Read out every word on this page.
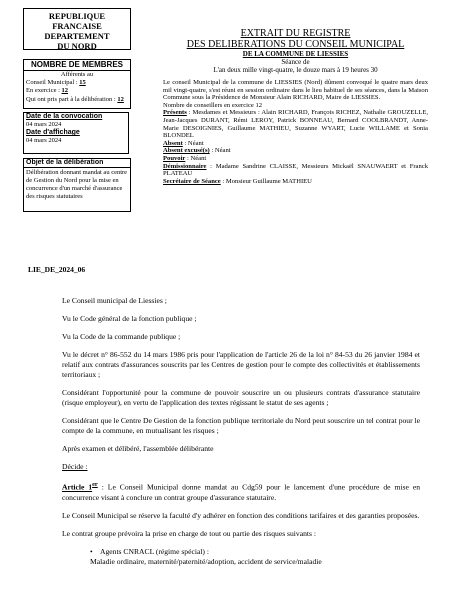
REPUBLIQUE FRANCAISE
DEPARTEMENT
DU NORD
NOMBRE DE MEMBRES
Afférents au
Conseil Municipal : 15
En exercice : 12
Qui ont pris part à la délibération : 12
Date de la convocation
04 mars 2024
Date d'affichage
04 mars 2024
Objet de la délibération
Délibération donnant mandat au centre de Gestion du Nord pour la mise en concurrence d'un marché d'assurance des risques statutaires
EXTRAIT DU REGISTRE
DES DELIBERATIONS DU CONSEIL MUNICIPAL
DE LA COMMUNE DE LIESSIES
Séance de
L'an deux mille vingt-quatre, le douze mars à 19 heures 30

Le conseil Municipal de la commune de LIESSIES (Nord) dûment convoqué le quatre mars deux mil vingt-quatre, s'est réuni en session ordinaire dans le lieu habituel de ses séances, dans la Maison Commune sous la Présidence de Monsieur Alain RICHARD, Maire de LIESSIES.

Nombre de conseillers en exercice 12

Présents : Mesdames et Messieurs : Alain RICHARD, François RICHEZ, Nathalie GROUZELLE, Jean-Jacques DURANT, Rémi LEROY, Patrick BONNEAU, Bernard COOLBRANDT, Anne-Marie DESOIGNIES, Guillaume MATHIEU, Suzanne WYART, Lucie WILLAME et Sonia BLONDEL

Absent : Néant

Absent excusé(s) : Néant

Pouvoir : Néant

Démissionnaire : Madame Sandrine CLAISSE, Messieurs Mickaël SNAUWAERT et Franck PLATEAU

Secrétaire de Séance : Monsieur Guillaume MATHIEU

LIE_DE_2024_06

Le Conseil municipal de Liessies ;

Vu le Code général de la fonction publique ;

Vu la Code de la commande publique ;

Vu le décret n° 86-552 du 14 mars 1986 pris pour l'application de l'article 26 de la loi n° 84-53 du 26 janvier 1984 et relatif aux contrats d'assurances souscrits par les Centres de gestion pour le compte des collectivités et établissements territoriaux ;

Considérant l'opportunité pour la commune de pouvoir souscrire un ou plusieurs contrats d'assurance statutaire (risque employeur), en vertu de l'application des textes régissant le statut de ses agents ;

Considérant que le Centre De Gestion de la fonction publique territoriale du Nord peut souscrire un tel contrat pour le compte de la commune, en mutualisant les risques ;

Après examen et délibéré, l'assemblée délibérante

Décide :

Article 1er : Le Conseil Municipal donne mandat au Cdg59 pour le lancement d'une procédure de mise en concurrence visant à conclure un contrat groupe d'assurance statutaire.

Le Conseil Municipal se réserve la faculté d'y adhérer en fonction des conditions tarifaires et des garanties proposées.

Le contrat groupe prévoira la prise en charge de tout ou partie des risques suivants :

• Agents CNRACL (régime spécial) :

Maladie ordinaire, maternité/paternité/adoption, accident de service/maladie
